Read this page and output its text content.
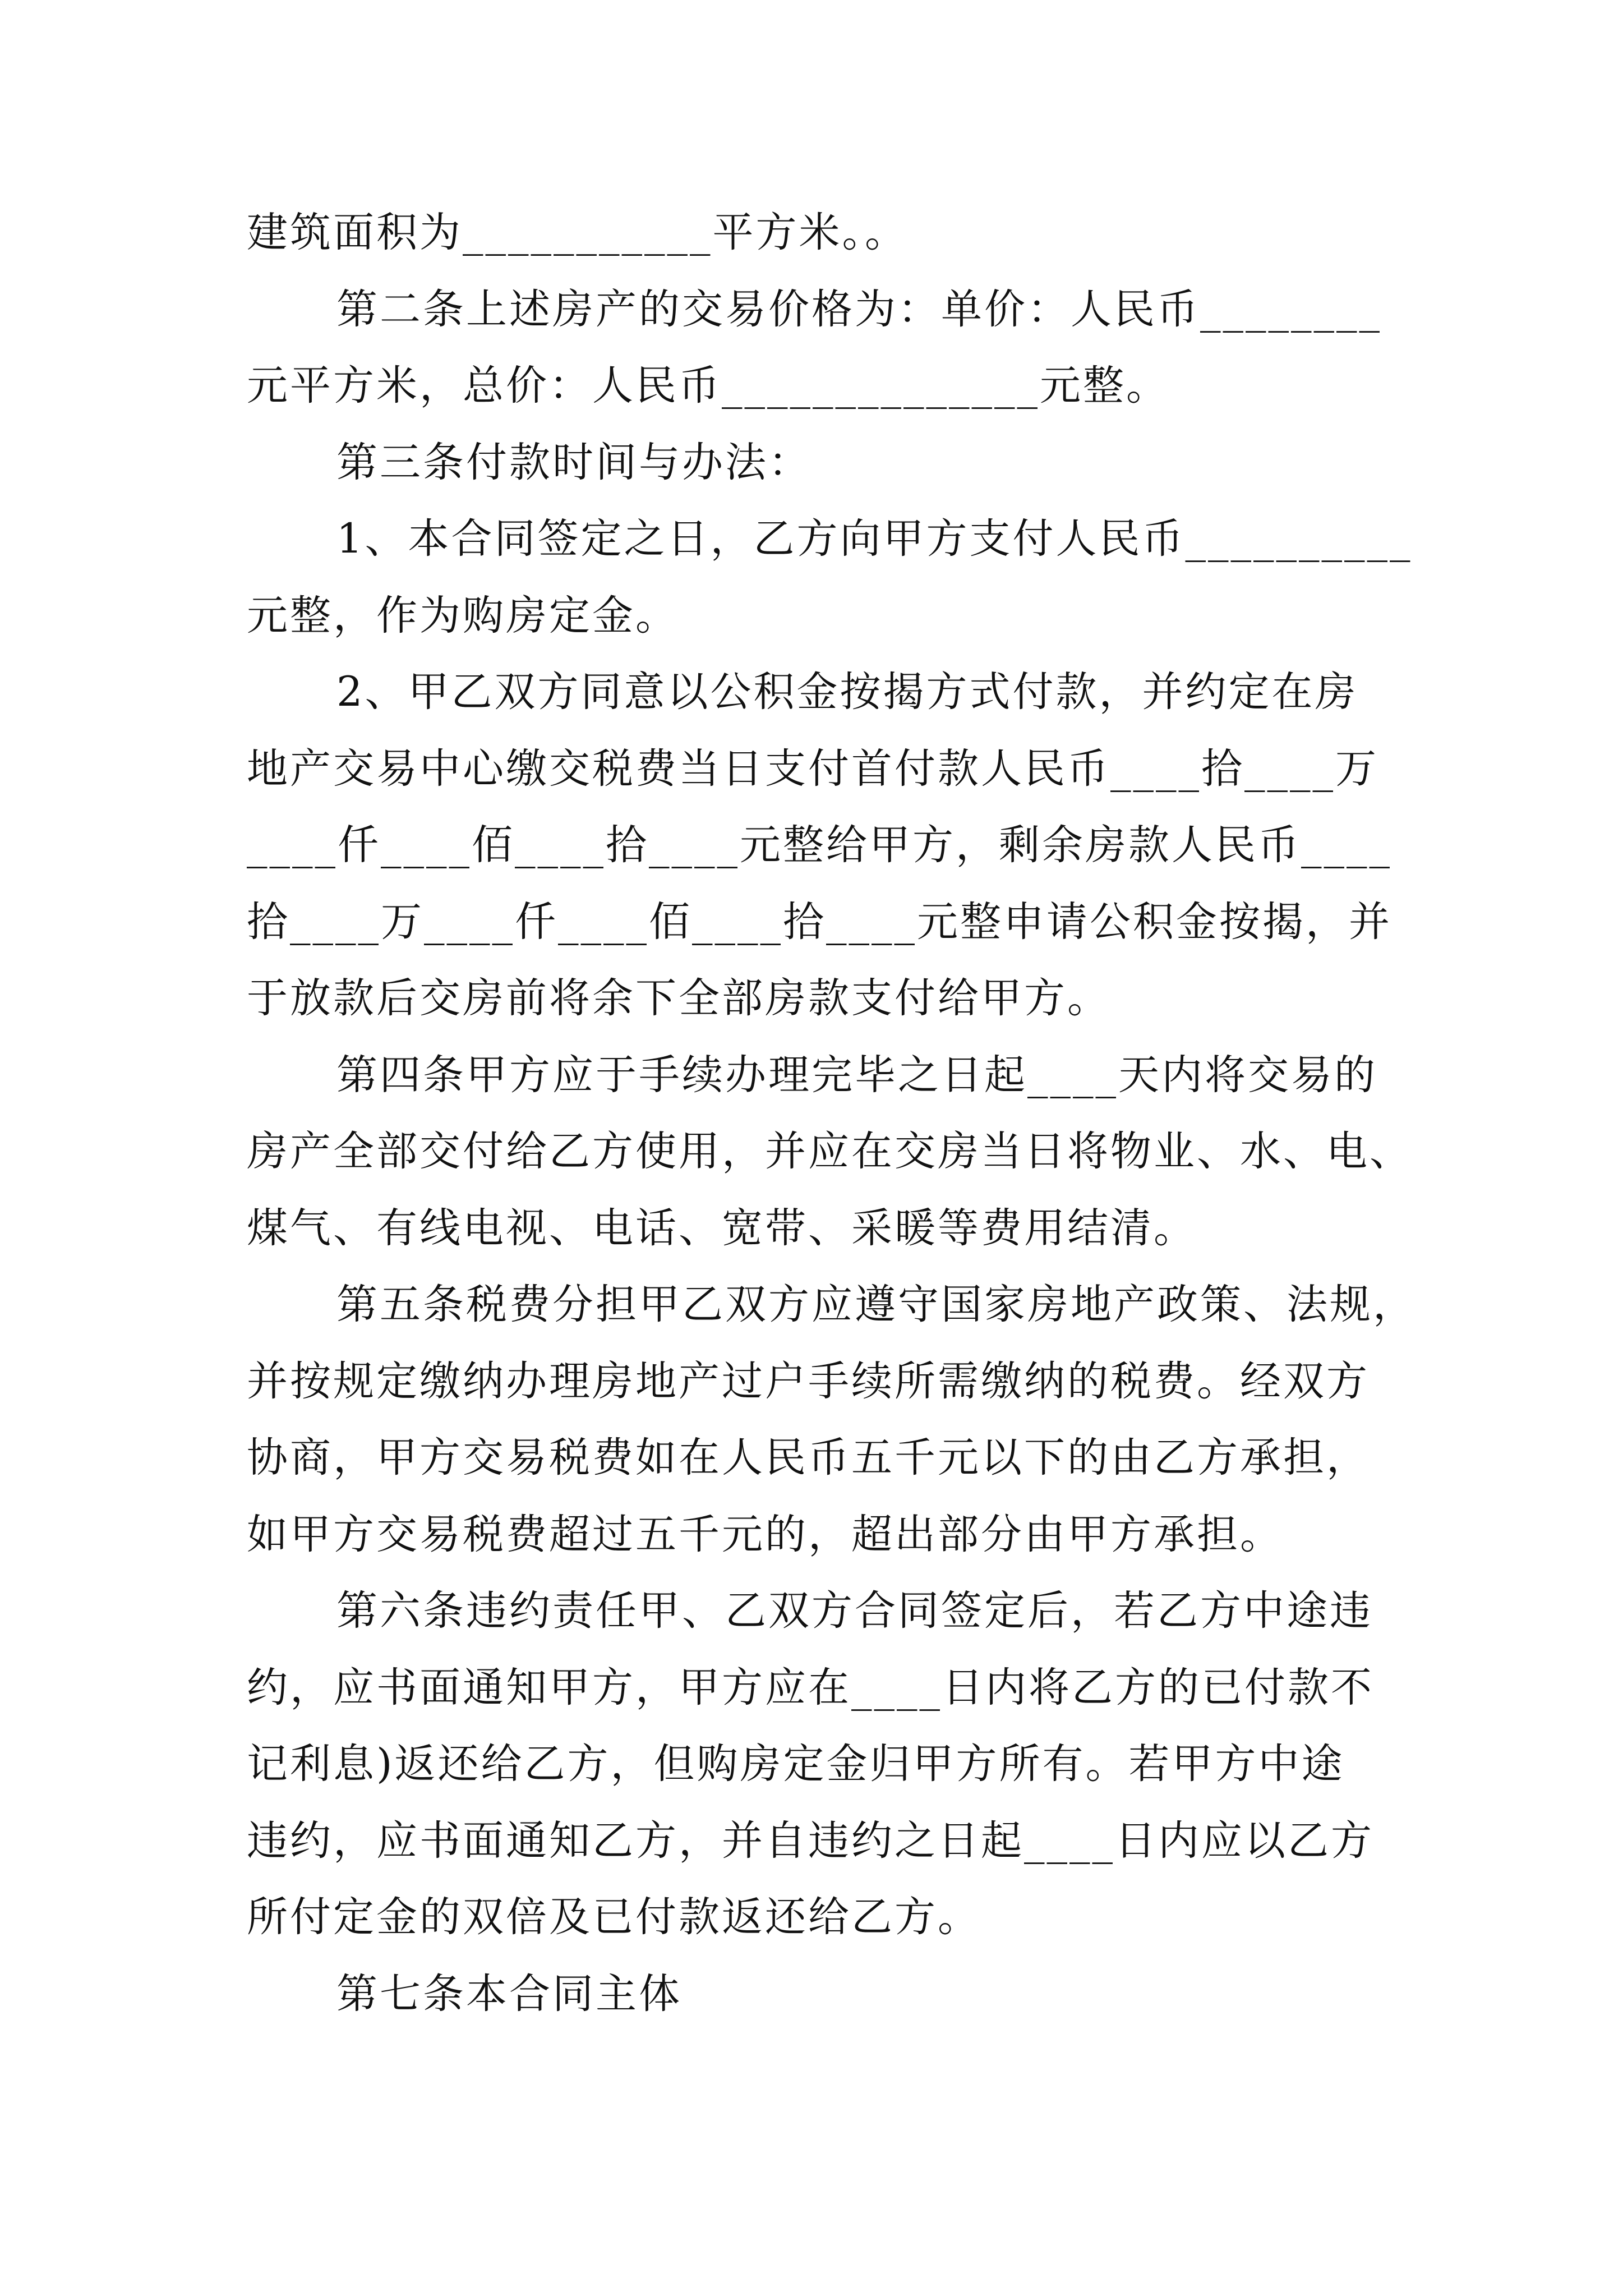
建筑面积为___________平方米。。

第二条上述房产的交易价格为：单价：人民币________

元平方米，总价：人民币______________元整。

第三条付款时间与办法：

1、本合同签定之日，乙方向甲方支付人民币__________

元整，作为购房定金。

2、甲乙双方同意以公积金按揭方式付款，并约定在房

地产交易中心缴交税费当日支付首付款人民币____拾____万

____仟____佰____拾____元整给甲方，剩余房款人民币____

拾____万____仟____佰____拾____元整申请公积金按揭，并

于放款后交房前将余下全部房款支付给甲方。

第四条甲方应于手续办理完毕之日起____天内将交易的

房产全部交付给乙方使用，并应在交房当日将物业、水、电、

煤气、有线电视、电话、宽带、采暖等费用结清。

第五条税费分担甲乙双方应遵守国家房地产政策、法规，

并按规定缴纳办理房地产过户手续所需缴纳的税费。经双方

协商，甲方交易税费如在人民币五千元以下的由乙方承担，

如甲方交易税费超过五千元的，超出部分由甲方承担。

第六条违约责任甲、乙双方合同签定后，若乙方中途违

约，应书面通知甲方，甲方应在____日内将乙方的已付款不

记利息)返还给乙方，但购房定金归甲方所有。若甲方中途

违约，应书面通知乙方，并自违约之日起____日内应以乙方

所付定金的双倍及已付款返还给乙方。

第七条本合同主体
